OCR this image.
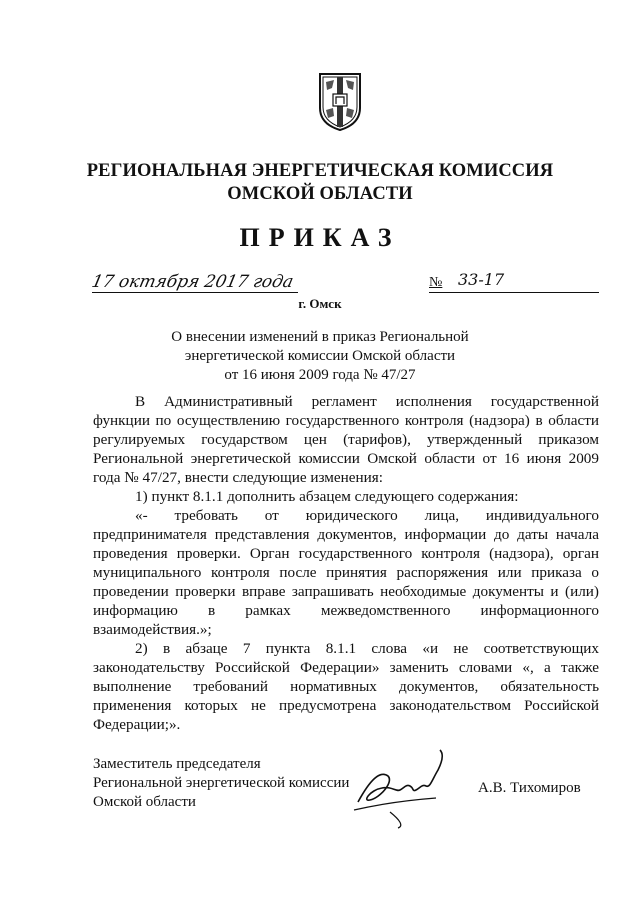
РЕГИОНАЛЬНАЯ ЭНЕРГЕТИЧЕСКАЯ КОМИССИЯ
ОМСКОЙ ОБЛАСТИ
ПРИКАЗ
17 октября 2017 года	№ 33-17
г. Омск
О внесении изменений в приказ Региональной
энергетической комиссии Омской области
от 16 июня 2009 года № 47/27

В Административный регламент исполнения государственной функции по осуществлению государственного контроля (надзора) в области регулируемых государством цен (тарифов), утвержденный приказом Региональной энергетической комиссии Омской области от 16 июня 2009 года № 47/27, внести следующие изменения:

1) пункт 8.1.1 дополнить абзацем следующего содержания:

«- требовать от юридического лица, индивидуального предпринимателя представления документов, информации до даты начала проведения проверки. Орган государственного контроля (надзора), орган муниципального контроля после принятия распоряжения или приказа о проведении проверки вправе запрашивать необходимые документы и (или) информацию в рамках межведомственного информационного взаимодействия.»;

2) в абзаце 7 пункта 8.1.1 слова «и не соответствующих законодательству Российской Федерации» заменить словами «, а также выполнение требований нормативных документов, обязательность применения которых не предусмотрена законодательством Российской Федерации;».

Заместитель председателя
Региональной энергетической комиссии
Омской области
А.В. Тихомиров
